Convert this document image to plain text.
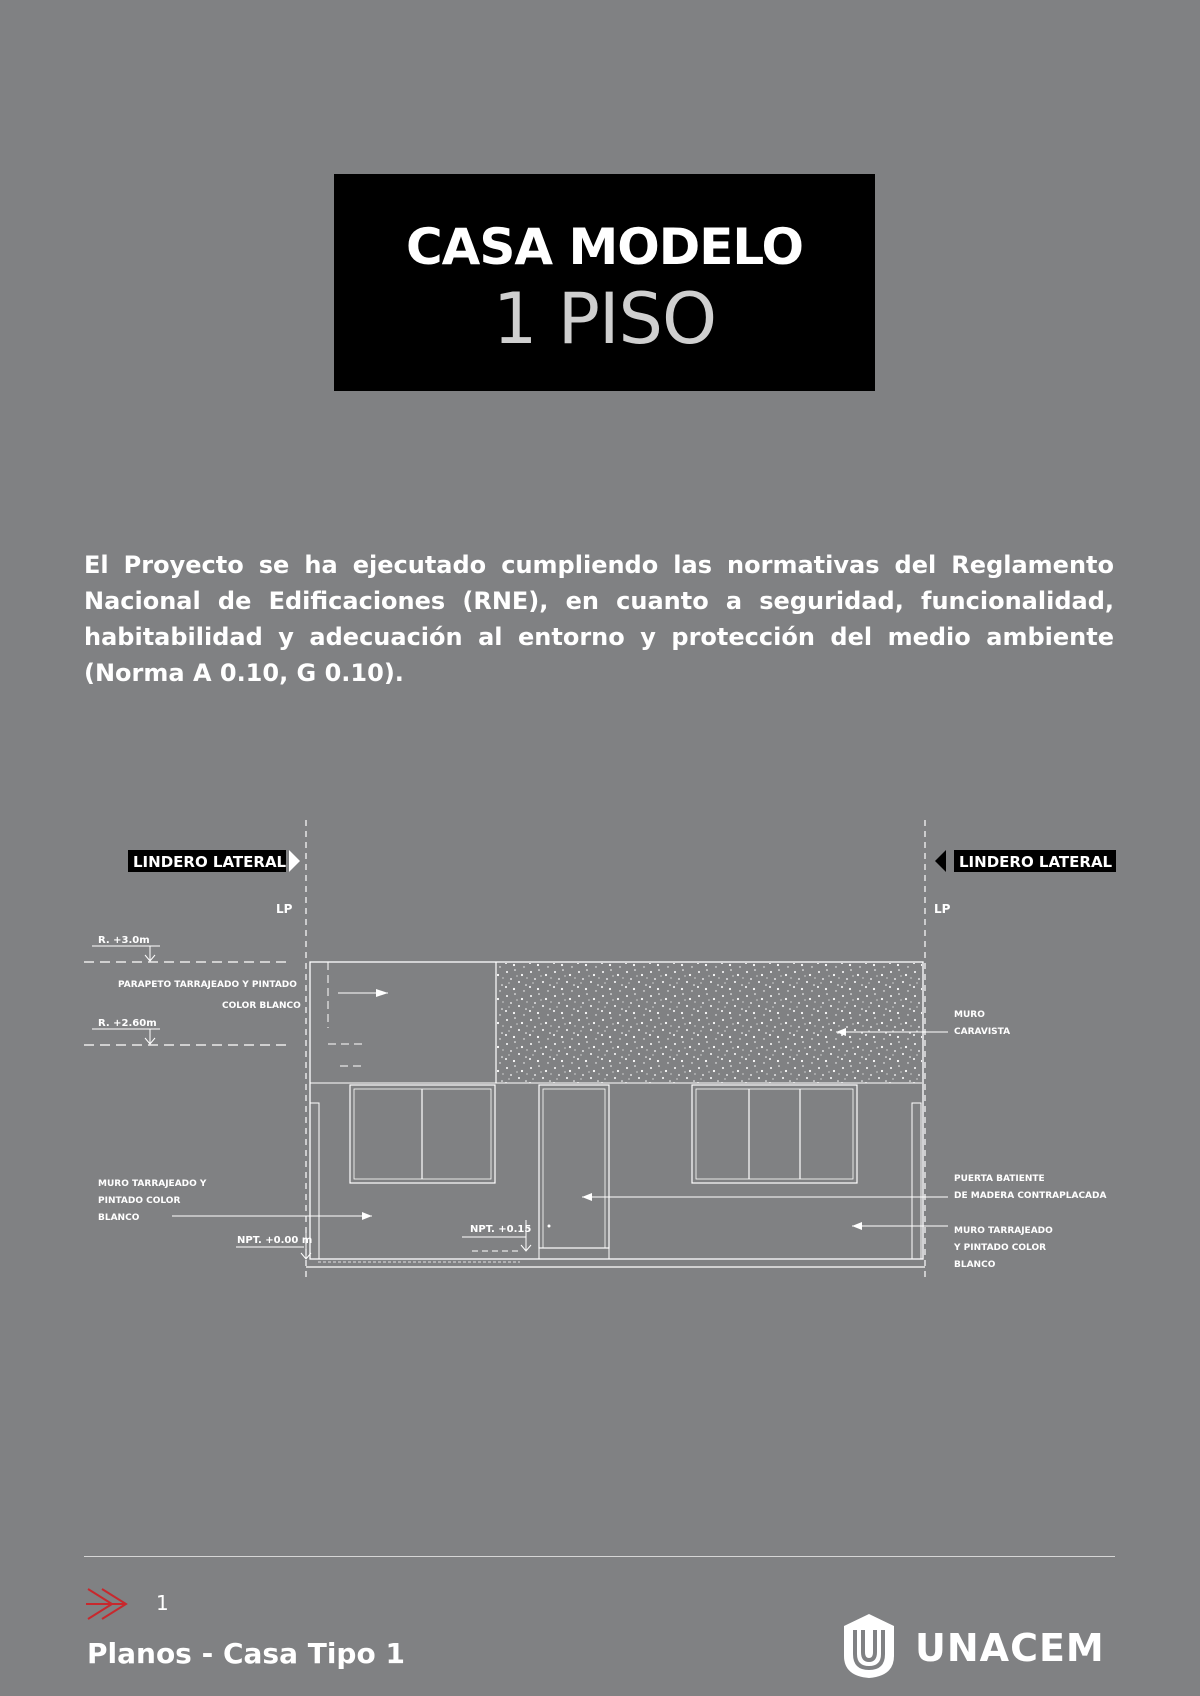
CASA MODELO
1 PISO

El Proyecto se ha ejecutado cumpliendo las normativas del Reglamento Nacional de Edificaciones (RNE), en cuanto a seguridad, funcionalidad, habitabilidad y adecuación al entorno y protección del medio ambiente (Norma A 0.10, G 0.10).

LINDERO LATERAL	LINDERO LATERAL
LP	LP
R. +3.0m
R. +2.60m
PARAPETO TARRAJEADO Y PINTADO
COLOR BLANCO
MURO TARRAJEADO Y
PINTADO COLOR
BLANCO
NPT. +0.00 m
NPT. +0.15
MURO
CARAVISTA
PUERTA BATIENTE
DE MADERA CONTRAPLACADA
MURO TARRAJEADO
Y PINTADO COLOR
BLANCO
1
Planos - Casa Tipo 1	UNACEM
